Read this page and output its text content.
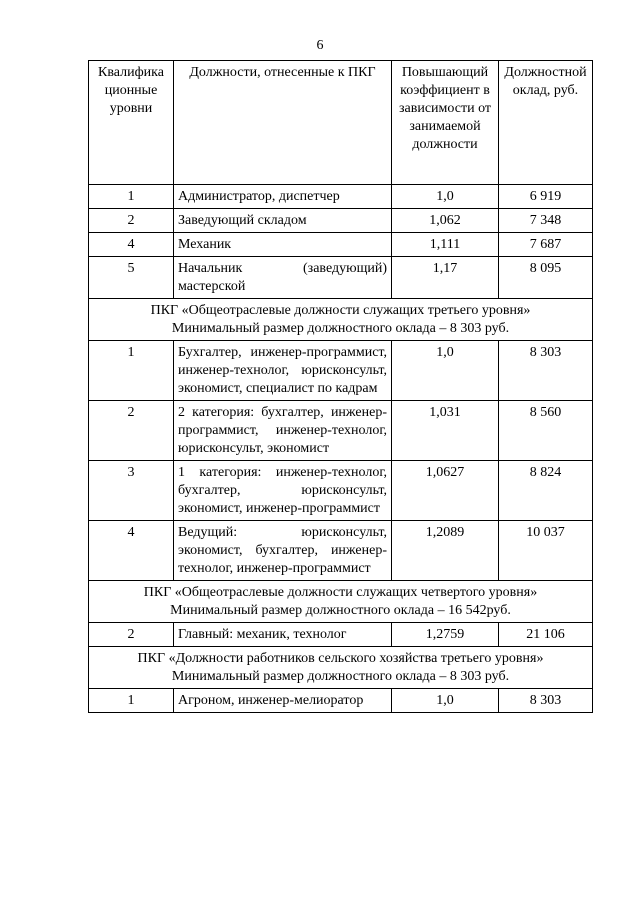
6
Квалифика ционные уровни	Должности, отнесенные к ПКГ	Повышающий коэффициент в зависимости от занимаемой должности	Должностной оклад, руб.
1	Администратор, диспетчер	1,0	6 919
2	Заведующий складом	1,062	7 348
4	Механик	1,111	7 687
5	Начальник (заведующий) мастерской	1,17	8 095

ПКГ «Общеотраслевые должности служащих третьего уровня»
Минимальный размер должностного оклада – 8 303 руб.			

1	Бухгалтер, инженер-программист, инженер-технолог, юрисконсульт, экономист, специалист по кадрам	1,0	8 303
2	2 категория: бухгалтер, инженер-программист, инженер-технолог, юрисконсульт, экономист	1,031	8 560
3	1 категория: инженер-технолог, бухгалтер, юрисконсульт, экономист, инженер-программист	1,0627	8 824
4	Ведущий: юрисконсульт, экономист, бухгалтер, инженер-технолог, инженер-программист	1,2089	10 037

ПКГ «Общеотраслевые должности служащих четвертого уровня»
Минимальный размер должностного оклада – 16 542руб.			

2	Главный: механик, технолог	1,2759	21 106

ПКГ «Должности работников сельского хозяйства третьего уровня»
Минимальный размер должностного оклада – 8 303 руб.			

1	Агроном, инженер-мелиоратор	1,0	8 303
